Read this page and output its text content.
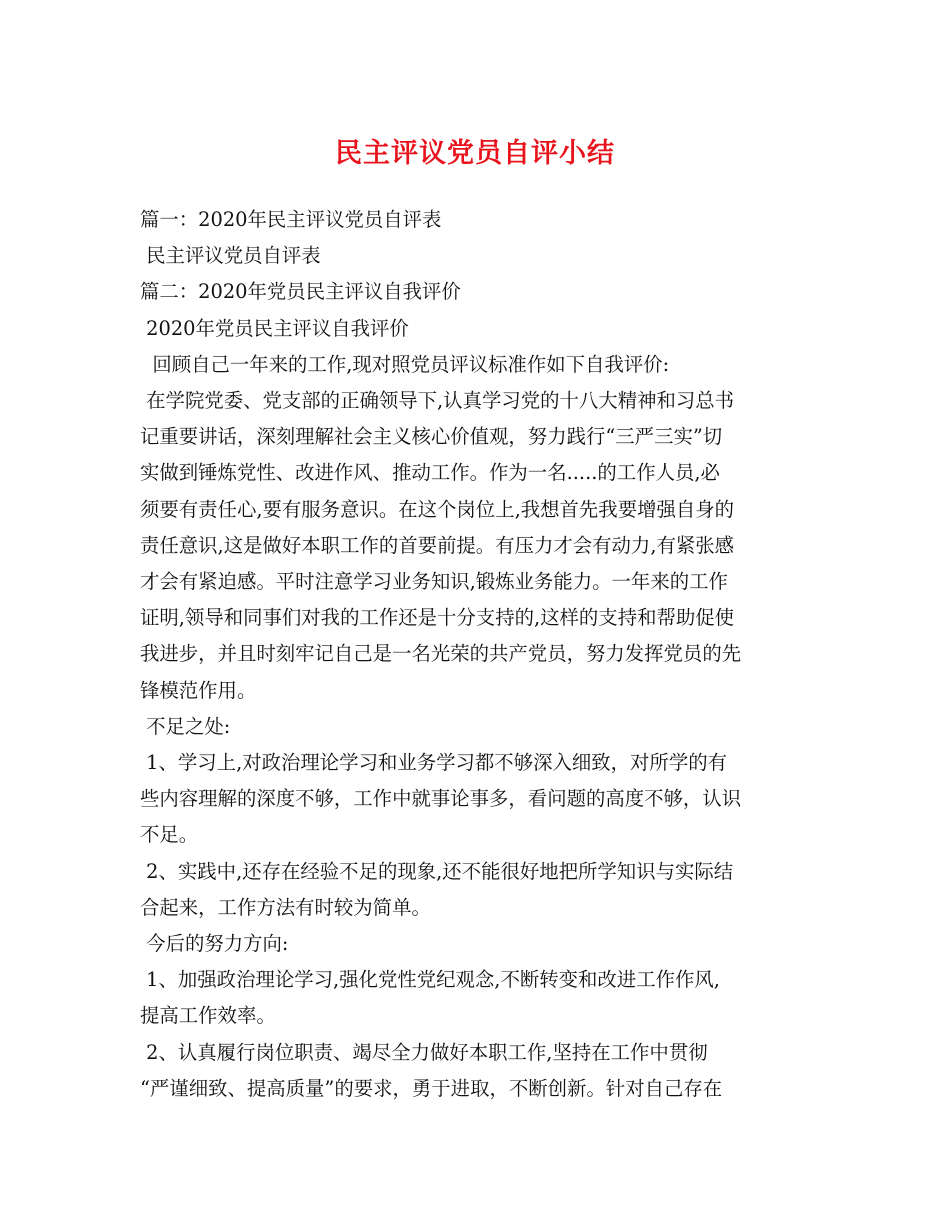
民主评议党员自评小结
篇一：2020年民主评议党员自评表
民主评议党员自评表
篇二：2020年党员民主评议自我评价
2020年党员民主评议自我评价
回顾自己一年来的工作,现对照党员评议标准作如下自我评价:
在学院党委、党支部的正确领导下,认真学习党的十八大精神和习总书
记重要讲话，深刻理解社会主义核心价值观，努力践行“三严三实”切
实做到锤炼党性、改进作风、推动工作。作为一名.....的工作人员,必
须要有责任心,要有服务意识。在这个岗位上,我想首先我要增强自身的
责任意识,这是做好本职工作的首要前提。有压力才会有动力,有紧张感
才会有紧迫感。平时注意学习业务知识,锻炼业务能力。一年来的工作
证明,领导和同事们对我的工作还是十分支持的,这样的支持和帮助促使
我进步，并且时刻牢记自己是一名光荣的共产党员，努力发挥党员的先
锋模范作用。
不足之处:
1、学习上,对政治理论学习和业务学习都不够深入细致，对所学的有
些内容理解的深度不够，工作中就事论事多，看问题的高度不够，认识
不足。
2、实践中,还存在经验不足的现象,还不能很好地把所学知识与实际结
合起来，工作方法有时较为简单。
今后的努力方向:
1、加强政治理论学习,强化党性党纪观念,不断转变和改进工作作风,
提高工作效率。
2、认真履行岗位职责、竭尽全力做好本职工作,坚持在工作中贯彻
“严谨细致、提高质量”的要求，勇于进取，不断创新。针对自己存在
